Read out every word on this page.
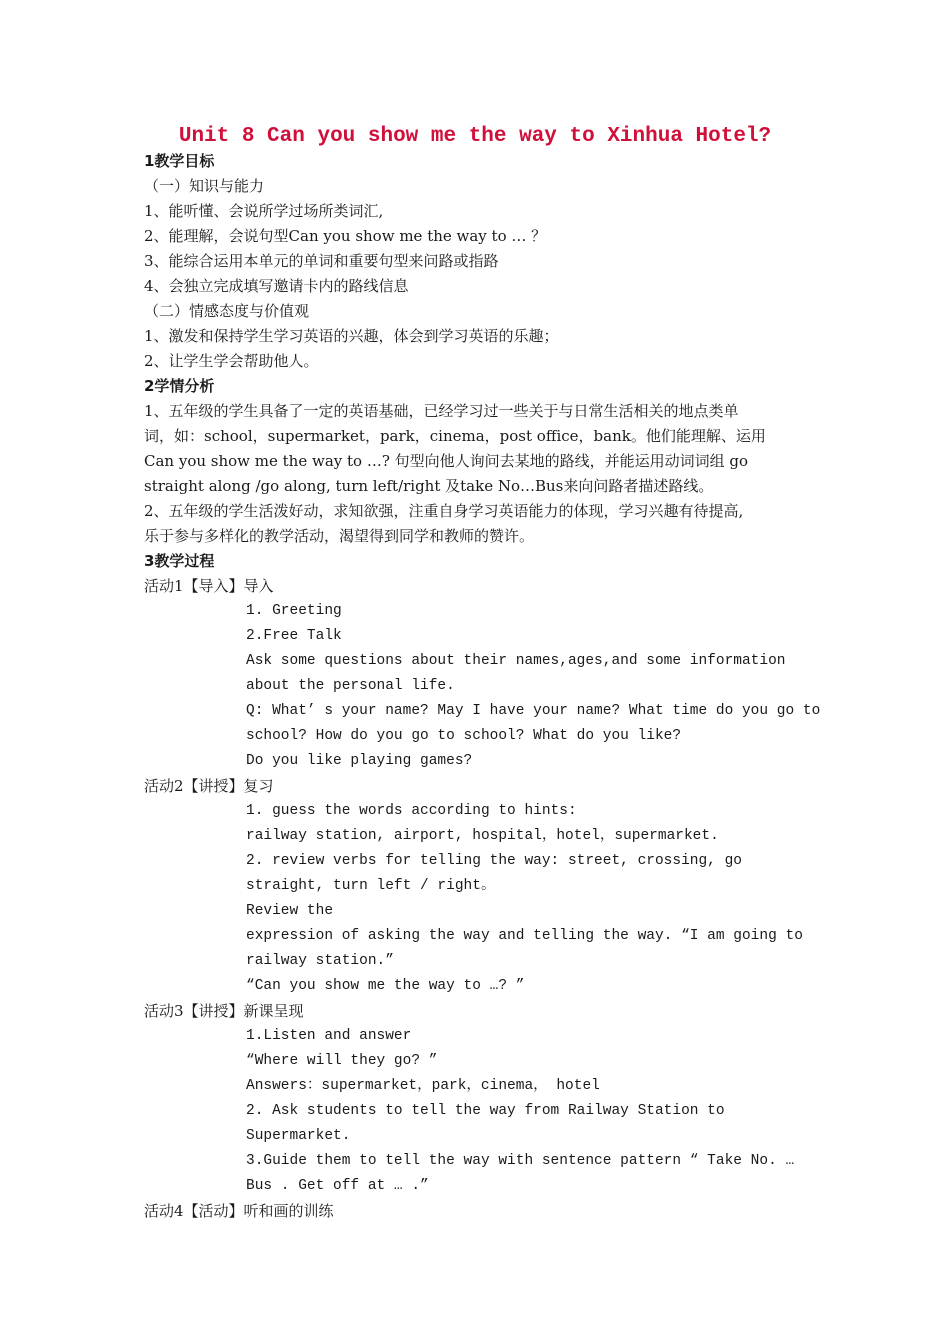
Unit 8 Can you show me the way to Xinhua Hotel?
1教学目标
（一）知识与能力
1、能听懂、会说所学过场所类词汇,
2、能理解，会说句型Can you show me the way to … ？
3、能综合运用本单元的单词和重要句型来问路或指路
4、会独立完成填写邀请卡内的路线信息
（二）情感态度与价值观
1、激发和保持学生学习英语的兴趣，体会到学习英语的乐趣；
2、让学生学会帮助他人。
2学情分析
1、五年级的学生具备了一定的英语基础，已经学习过一些关于与日常生活相关的地点类单
词，如：school，supermarket，park，cinema，post office，bank。他们能理解、运用
Can you show me the way to …? 句型向他人询问去某地的路线，并能运用动词词组 go
straight along /go along, turn left/right 及take No…Bus来向问路者描述路线。
2、五年级的学生活泼好动，求知欲强，注重自身学习英语能力的体现，学习兴趣有待提高,
乐于参与多样化的教学活动，渴望得到同学和教师的赞许。
3教学过程
活动1【导入】导入
1. Greeting
2.Free Talk
Ask some questions about their names,ages,and some information
about the personal life.
Q: What’ s your name? May I have your name? What time do you go to
school? How do you go to school? What do you like?
Do you like playing games?
活动2【讲授】复习
1. guess the words according to hints:
railway station, airport, hospital，hotel，supermarket.
2. review verbs for telling the way: street, crossing, go
straight, turn left / right。
Review the
expression of asking the way and telling the way. “I am going to
railway station.”
“Can you show me the way to …? ”
活动3【讲授】新课呈现
1.Listen and answer
“Where will they go? ”
Answers：supermarket，park，cinema， hotel
2. Ask students to tell the way from Railway Station to
Supermarket.
3.Guide them to tell the way with sentence pattern “ Take No. …
Bus . Get off at … .”
活动4【活动】听和画的训练
